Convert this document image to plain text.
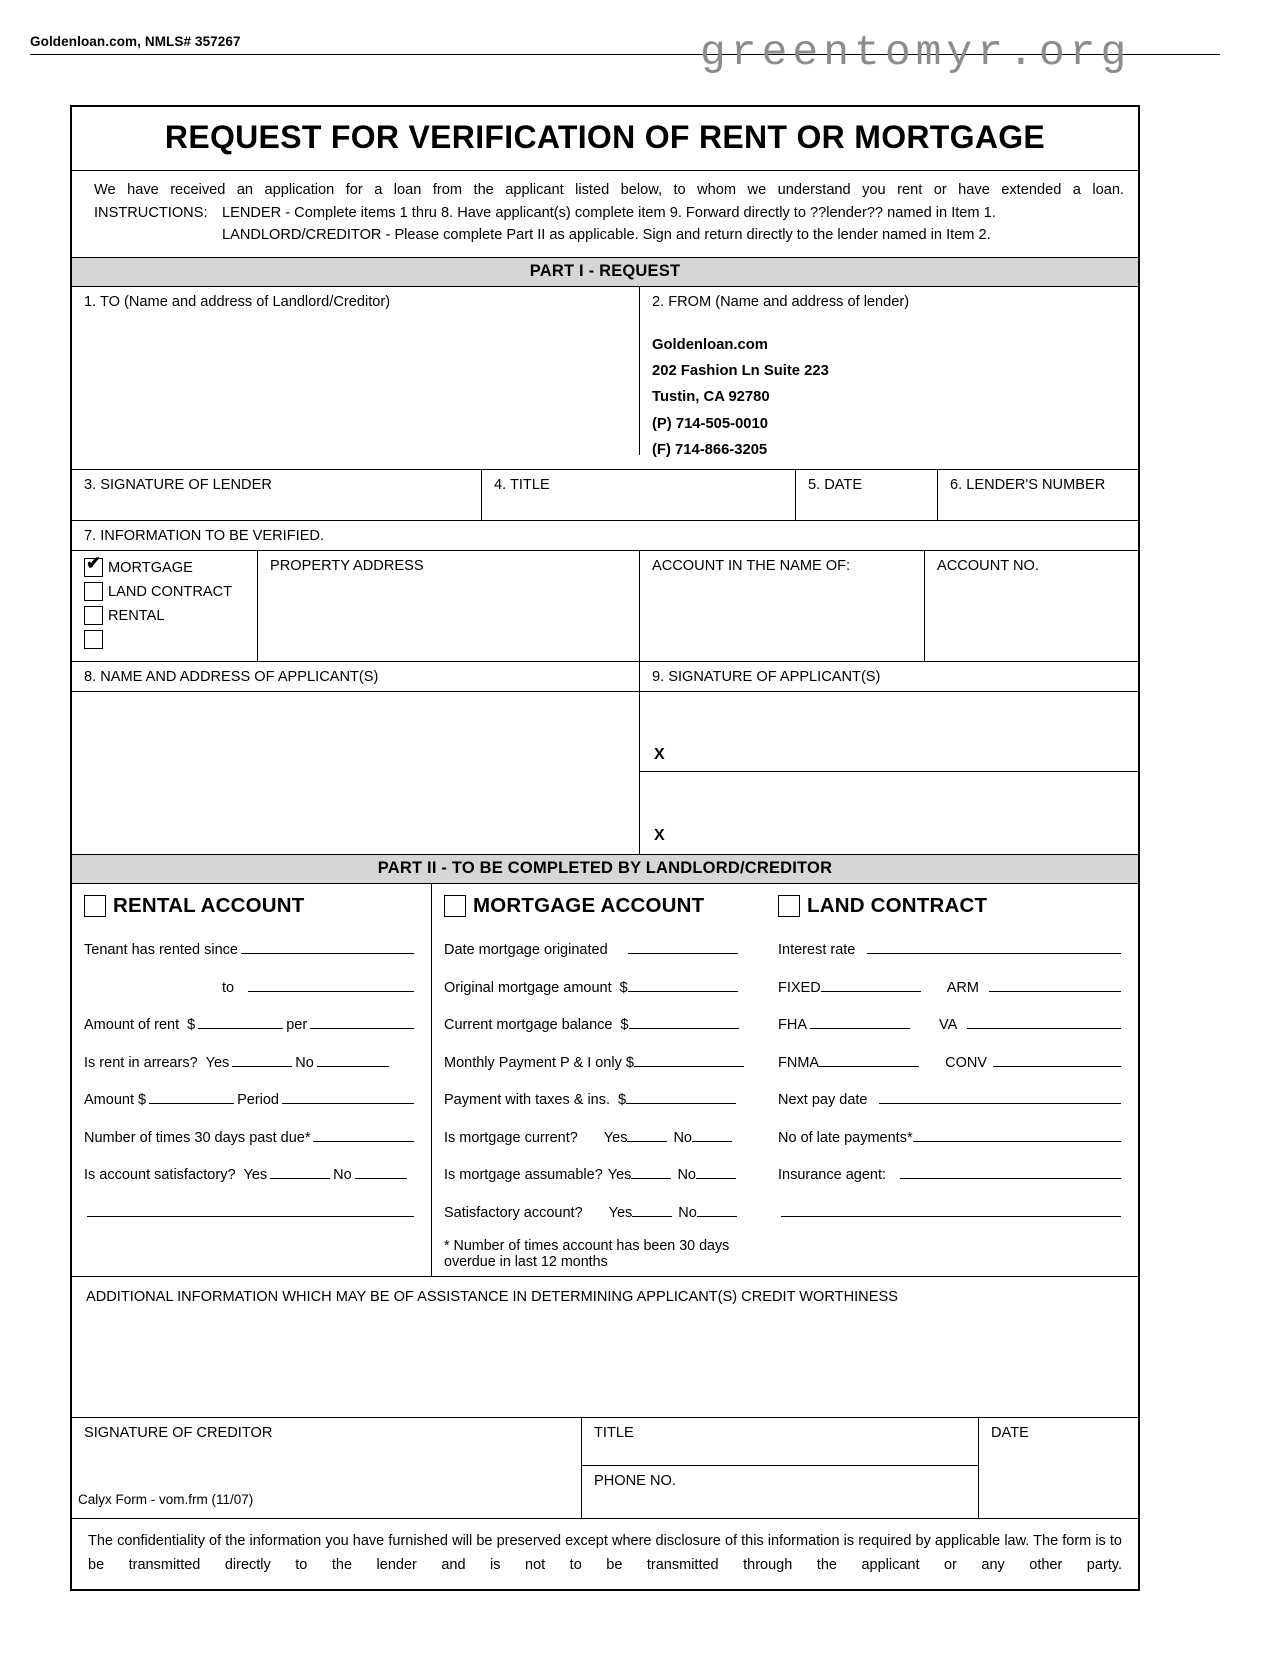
Goldenloan.com, NMLS# 357267	greentomyr.org
REQUEST FOR VERIFICATION OF RENT OR MORTGAGE
We have received an application for a loan from the applicant listed below, to whom we understand you rent or have extended a loan.
INSTRUCTIONS: LENDER - Complete items 1 thru 8. Have applicant(s) complete item 9. Forward directly to ??lender?? named in Item 1.
LANDLORD/CREDITOR - Please complete Part II as applicable. Sign and return directly to the lender named in Item 2.
PART I - REQUEST
1. TO (Name and address of Landlord/Creditor)	2. FROM (Name and address of lender)
Goldenloan.com
202 Fashion Ln Suite 223
Tustin, CA 92780
(P) 714-505-0010
(F) 714-866-3205
3. SIGNATURE OF LENDER	4. TITLE	5. DATE	6. LENDER'S NUMBER
7. INFORMATION TO BE VERIFIED.
✔
MORTGAGE
LAND CONTRACT
RENTAL
PROPERTY ADDRESS	ACCOUNT IN THE NAME OF:	ACCOUNT NO.
8. NAME AND ADDRESS OF APPLICANT(S)	9. SIGNATURE OF APPLICANT(S)
X
X
PART II - TO BE COMPLETED BY LANDLORD/CREDITOR
RENTAL ACCOUNT
Tenant has rented since
to
Amount of rent $	per
Is rent in arrears? Yes	No
Amount $	Period
Number of times 30 days past due*
Is account satisfactory? Yes	No
MORTGAGE ACCOUNT
Date mortgage originated
Original mortgage amount $
Current mortgage balance $
Monthly Payment P & I only $
Payment with taxes & ins. $
Is mortgage current? Yes	No
Is mortgage assumable? Yes	No
Satisfactory account? Yes	No
* Number of times account has been 30 days overdue in last 12 months
LAND CONTRACT
Interest rate
FIXED	ARM
FHA	VA
FNMA	CONV
Next pay date
No of late payments*
Insurance agent:
ADDITIONAL INFORMATION WHICH MAY BE OF ASSISTANCE IN DETERMINING APPLICANT(S) CREDIT WORTHINESS
SIGNATURE OF CREDITOR	TITLE
PHONE NO.
DATE
The confidentiality of the information you have furnished will be preserved except where disclosure of this information is required by applicable law. The form is to be transmitted directly to the lender and is not to be transmitted through the applicant or any other party.
Calyx Form - vom.frm (11/07)
